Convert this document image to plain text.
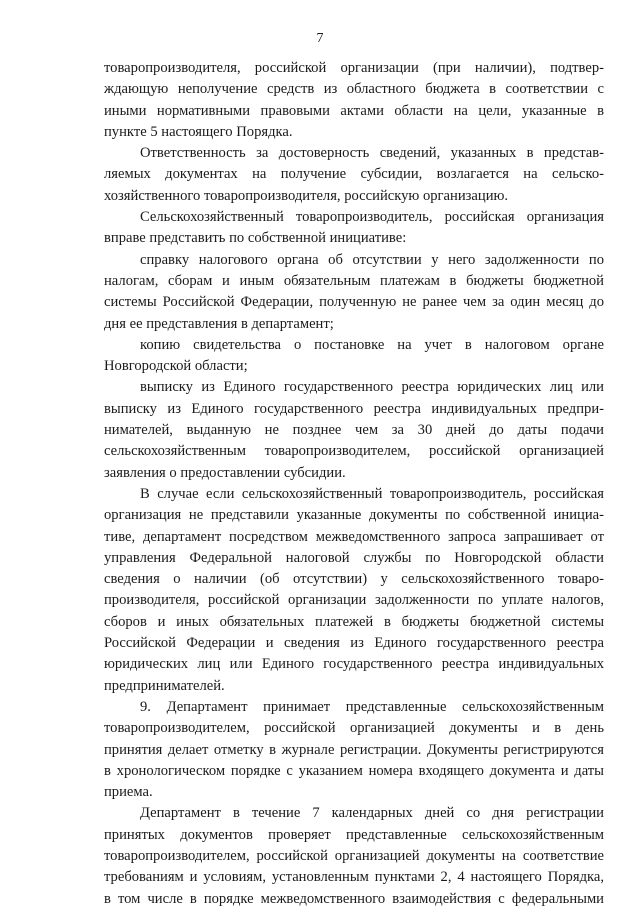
7
товаропроизводителя, российской организации (при наличии), подтвер-
ждающую неполучение средств из областного бюджета в соответствии с
иными нормативными правовыми актами области на цели, указанные в
пункте 5 настоящего Порядка.
Ответственность за достоверность сведений, указанных в представ-
ляемых документах на получение субсидии, возлагается на сельско-
хозяйственного товаропроизводителя, российскую организацию.
Сельскохозяйственный товаропроизводитель, российская организация
вправе представить по собственной инициативе:
справку налогового органа об отсутствии у него задолженности по
налогам, сборам и иным обязательным платежам в бюджеты бюджетной
системы Российской Федерации, полученную не ранее чем за один месяц до
дня ее представления в департамент;
копию свидетельства о постановке на учет в налоговом органе
Новгородской области;
выписку из Единого государственного реестра юридических лиц или
выписку из Единого государственного реестра индивидуальных предпри-
нимателей, выданную не позднее чем за 30 дней до даты подачи
сельскохозяйственным товаропроизводителем, российской организацией
заявления о предоставлении субсидии.
В случае если сельскохозяйственный товаропроизводитель, российская
организация не представили указанные документы по собственной инициа-
тиве, департамент посредством межведомственного запроса запрашивает от
управления Федеральной налоговой службы по Новгородской области
сведения о наличии (об отсутствии) у сельскохозяйственного товаро-
производителя, российской организации задолженности по уплате налогов,
сборов и иных обязательных платежей в бюджеты бюджетной системы
Российской Федерации и сведения из Единого государственного реестра
юридических лиц или Единого государственного реестра индивидуальных
предпринимателей.
9. Департамент принимает представленные сельскохозяйственным
товаропроизводителем, российской организацией документы и в день
принятия делает отметку в журнале регистрации. Документы регистрируются
в хронологическом порядке с указанием номера входящего документа и даты
приема.
Департамент в течение 7 календарных дней со дня регистрации
принятых документов проверяет представленные сельскохозяйственным
товаропроизводителем, российской организацией документы на соответствие
требованиям и условиям, установленным пунктами 2, 4 настоящего Порядка,
в том числе в порядке межведомственного взаимодействия с федеральными
